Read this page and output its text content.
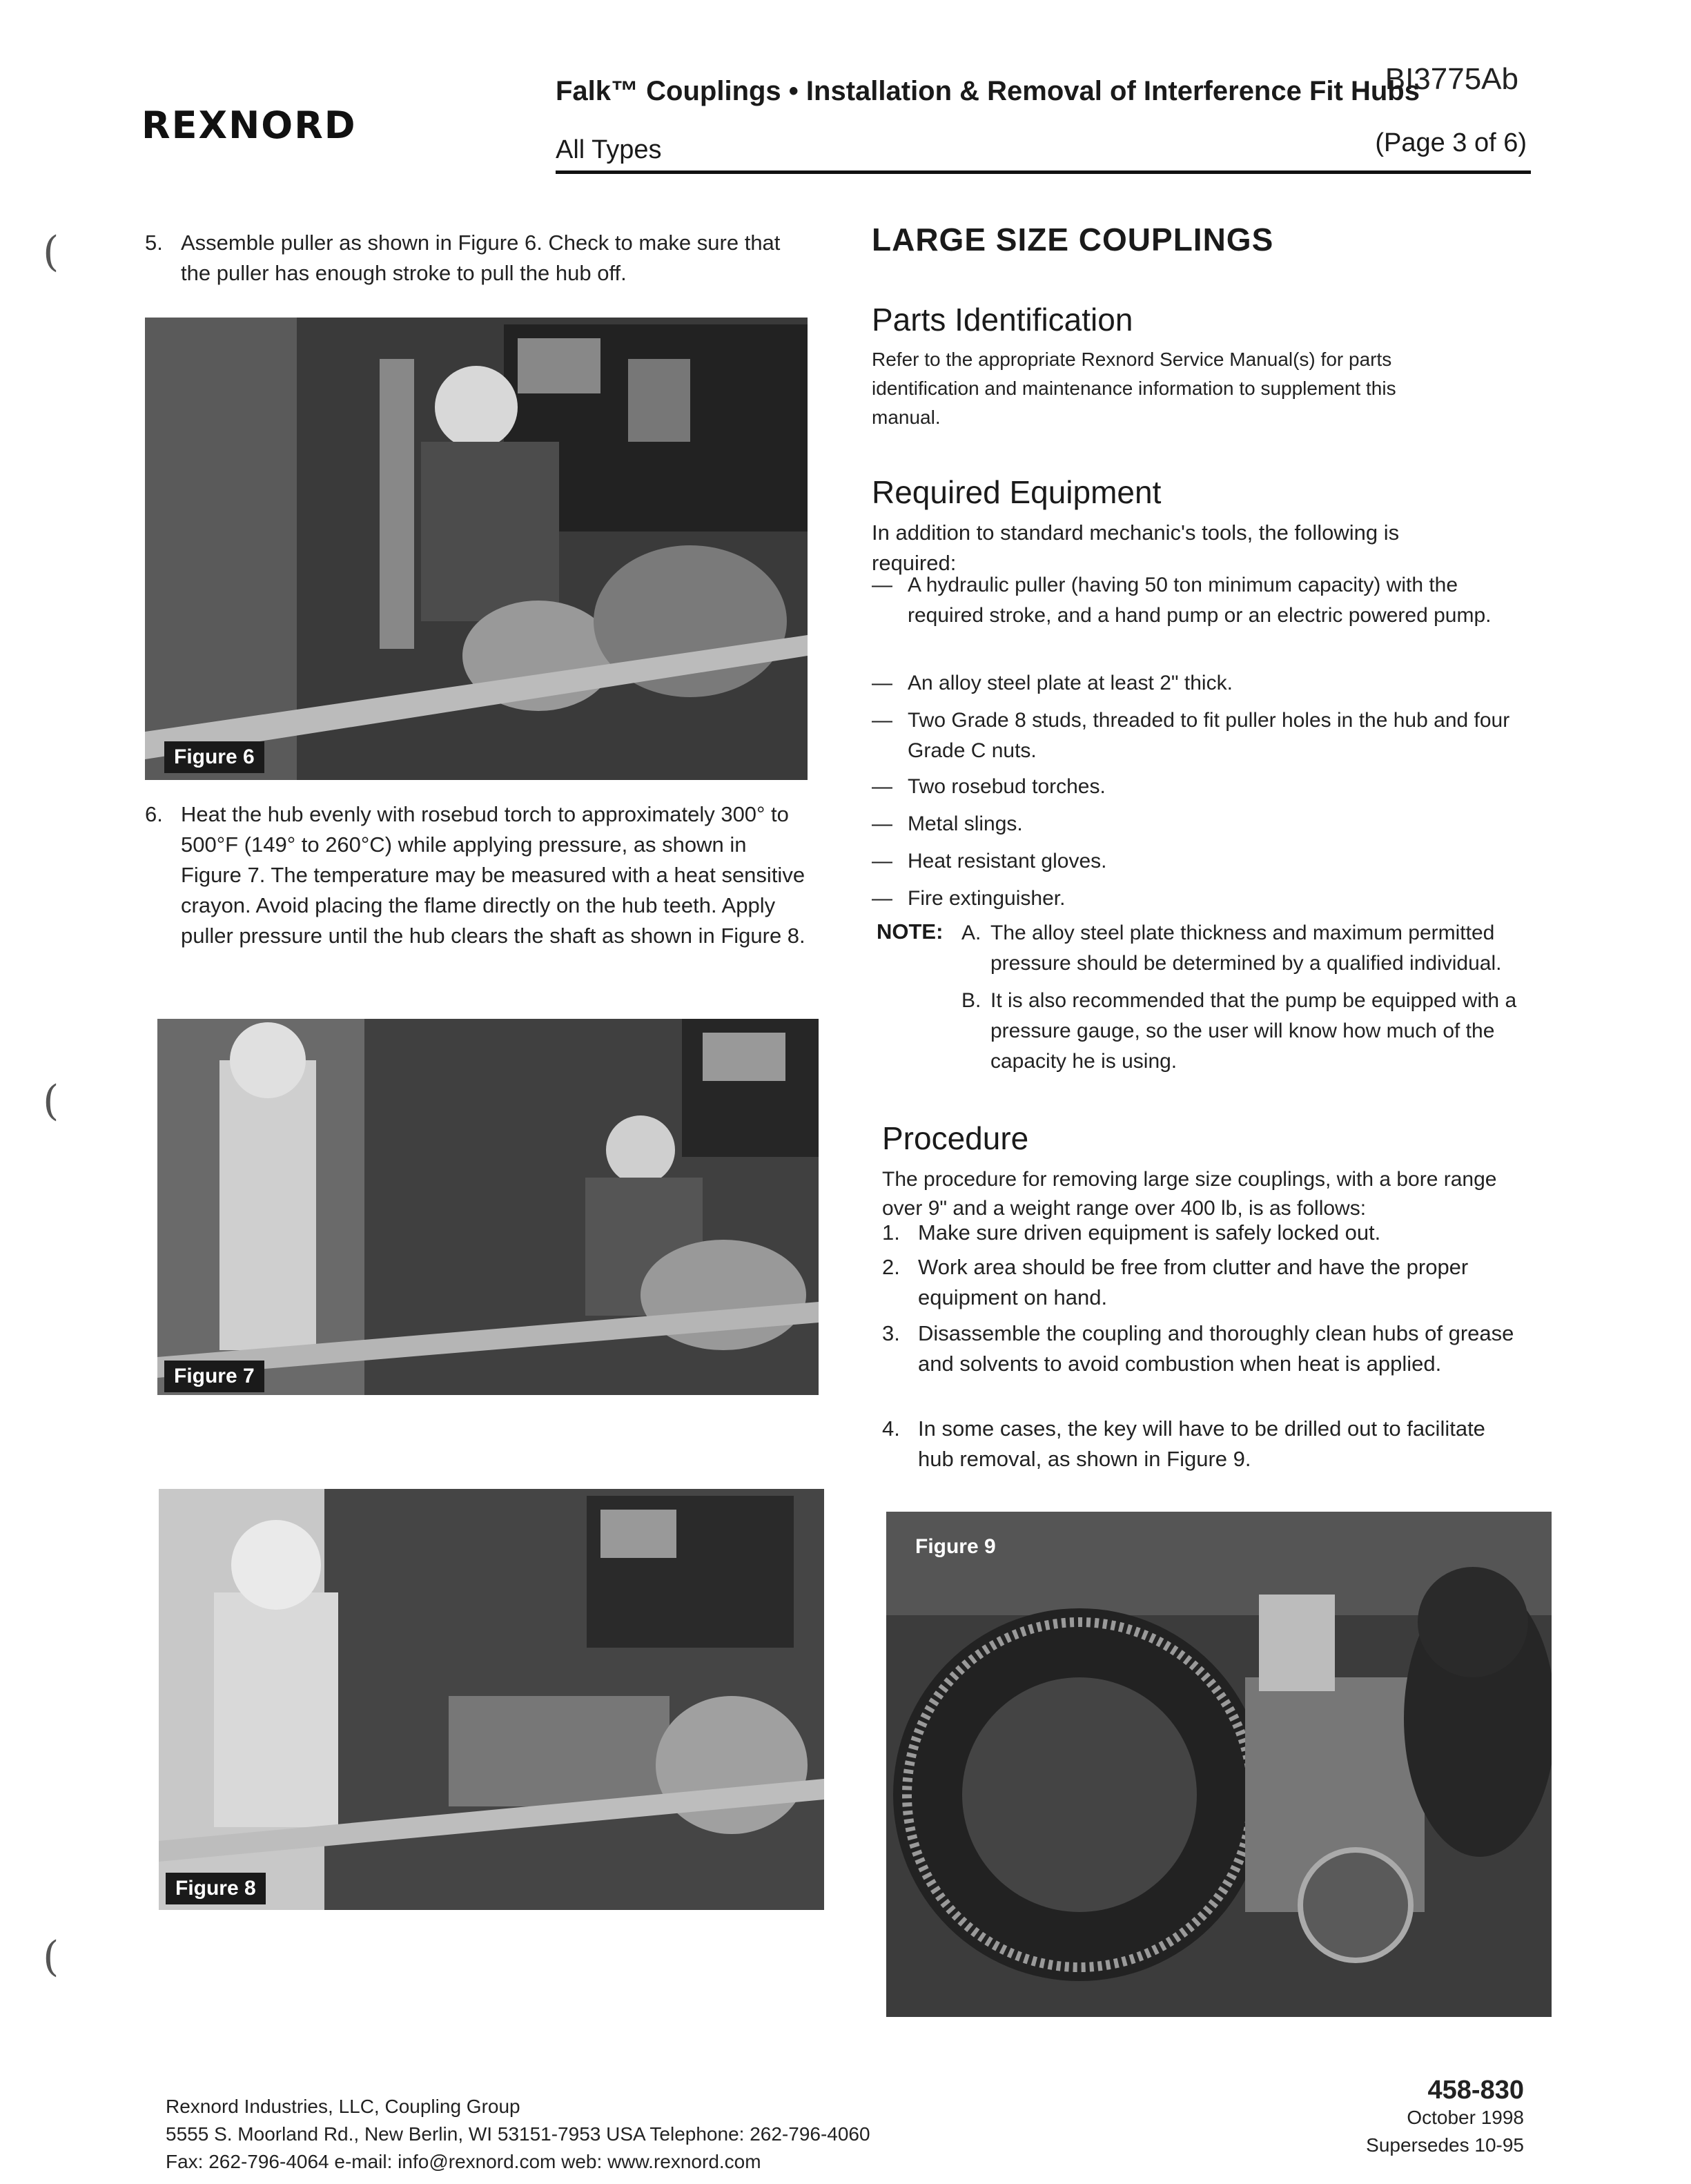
(
(
(
REXNORD
BI3775Ab
Falk™ Couplings • Installation & Removal of Interference Fit Hubs
All Types	(Page 3 of 6)
5. Assemble puller as shown in Figure 6. Check to make sure that the puller has enough stroke to pull the hub off.
Figure 6
6. Heat the hub evenly with rosebud torch to approximately 300° to 500°F (149° to 260°C) while applying pressure, as shown in Figure 7. The temperature may be measured with a heat sensitive crayon. Avoid placing the flame directly on the hub teeth. Apply puller pressure until the hub clears the shaft as shown in Figure 8.
Figure 7
Figure 8
LARGE SIZE COUPLINGS
Parts Identification
Refer to the appropriate Rexnord Service Manual(s) for parts identification and maintenance information to supplement this manual.
Required Equipment
In addition to standard mechanic's tools, the following is required:
— A hydraulic puller (having 50 ton minimum capacity) with the required stroke, and a hand pump or an electric powered pump.
— An alloy steel plate at least 2" thick.
— Two Grade 8 studs, threaded to fit puller holes in the hub and four Grade C nuts.
— Two rosebud torches.
— Metal slings.
— Heat resistant gloves.
— Fire extinguisher.
NOTE: A. The alloy steel plate thickness and maximum permitted pressure should be determined by a qualified individual.
B. It is also recommended that the pump be equipped with a pressure gauge, so the user will know how much of the capacity he is using.
Procedure
The procedure for removing large size couplings, with a bore range over 9" and a weight range over 400 lb, is as follows:
1. Make sure driven equipment is safely locked out.
2. Work area should be free from clutter and have the proper equipment on hand.
3. Disassemble the coupling and thoroughly clean hubs of grease and solvents to avoid combustion when heat is applied.
4. In some cases, the key will have to be drilled out to facilitate hub removal, as shown in Figure 9.
Figure 9
Rexnord Industries, LLC, Coupling Group
5555 S. Moorland Rd., New Berlin, WI 53151-7953 USA Telephone: 262-796-4060
Fax: 262-796-4064 e-mail: info@rexnord.com web: www.rexnord.com
458-830
October 1998
Supersedes 10-95
